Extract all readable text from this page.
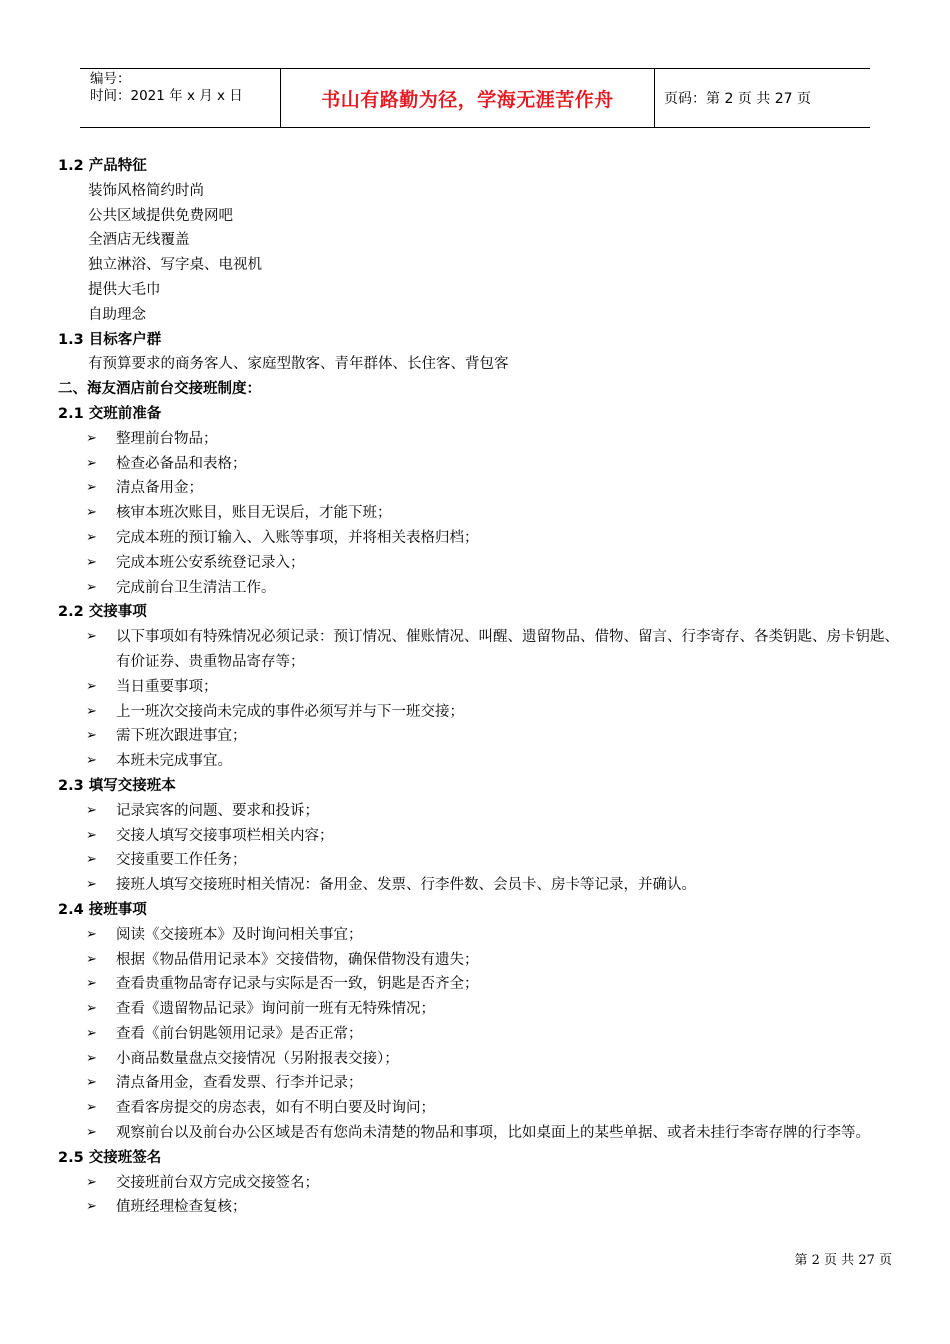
编号：
时间：2021 年 x 月 x 日	书山有路勤为径，学海无涯苦作舟	页码：第 2 页 共 27 页
1.2 产品特征
装饰风格简约时尚
公共区域提供免费网吧
全酒店无线覆盖
独立淋浴、写字桌、电视机
提供大毛巾
自助理念
1.3 目标客户群
有预算要求的商务客人、家庭型散客、青年群体、长住客、背包客
二、海友酒店前台交接班制度：
2.1 交班前准备
➢	整理前台物品；
➢	检查必备品和表格；
➢	清点备用金；
➢	核审本班次账目，账目无误后，才能下班；
➢	完成本班的预订输入、入账等事项，并将相关表格归档；
➢	完成本班公安系统登记录入；
➢	完成前台卫生清洁工作。
2.2 交接事项
➢	以下事项如有特殊情况必须记录：预订情况、催账情况、叫醒、遗留物品、借物、留言、行李寄存、各类钥匙、房卡钥匙、有价证券、贵重物品寄存等；
➢	当日重要事项；
➢	上一班次交接尚未完成的事件必须写并与下一班交接；
➢	需下班次跟进事宜；
➢	本班未完成事宜。
2.3 填写交接班本
➢	记录宾客的问题、要求和投诉；
➢	交接人填写交接事项栏相关内容；
➢	交接重要工作任务；
➢	接班人填写交接班时相关情况：备用金、发票、行李件数、会员卡、房卡等记录，并确认。
2.4 接班事项
➢	阅读《交接班本》及时询问相关事宜；
➢	根据《物品借用记录本》交接借物，确保借物没有遗失；
➢	查看贵重物品寄存记录与实际是否一致，钥匙是否齐全；
➢	查看《遗留物品记录》询问前一班有无特殊情况；
➢	查看《前台钥匙领用记录》是否正常；
➢	小商品数量盘点交接情况（另附报表交接）；
➢	清点备用金，查看发票、行李并记录；
➢	查看客房提交的房态表，如有不明白要及时询问；
➢	观察前台以及前台办公区域是否有您尚未清楚的物品和事项，比如桌面上的某些单据、或者未挂行李寄存牌的行李等。
2.5 交接班签名
➢	交接班前台双方完成交接签名；
➢	值班经理检查复核；
第 2 页 共 27 页
